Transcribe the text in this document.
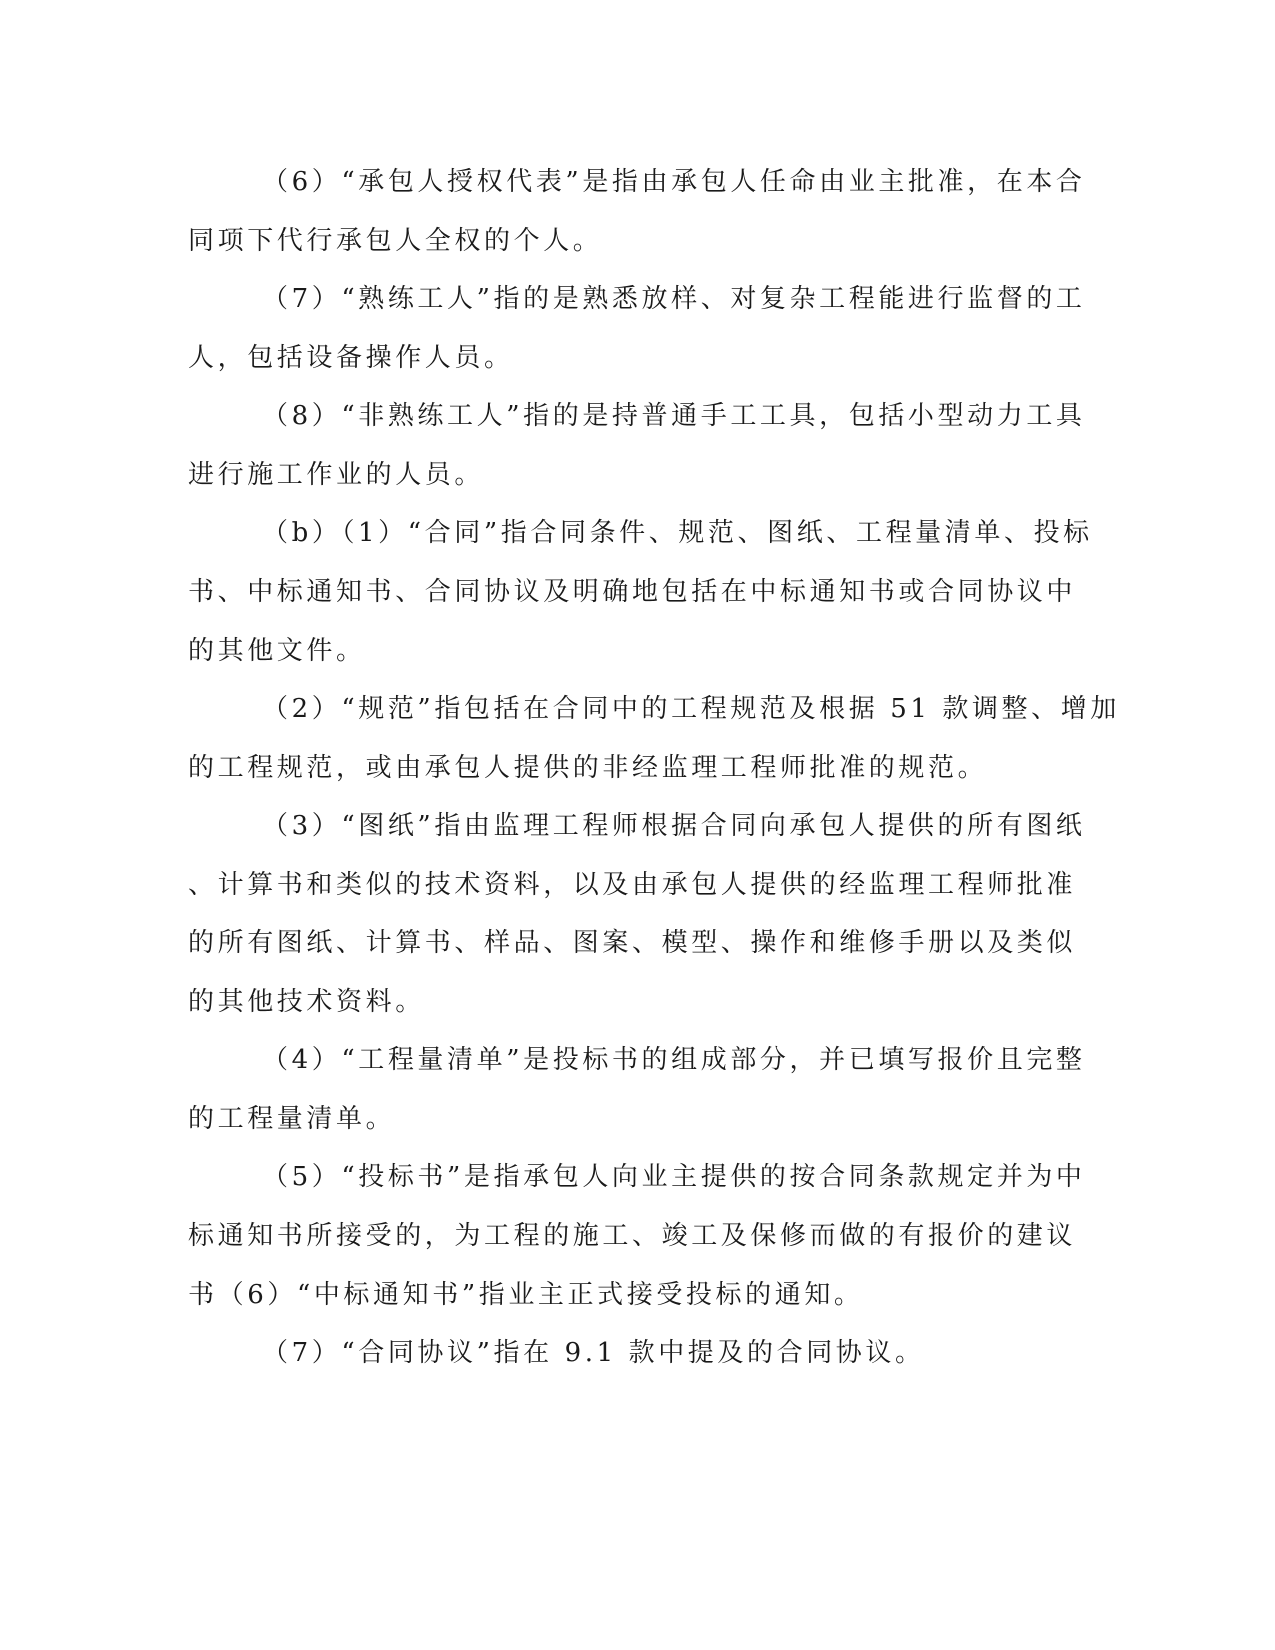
（6）“承包人授权代表”是指由承包人任命由业主批准，在本合
同项下代行承包人全权的个人。
（7）“熟练工人”指的是熟悉放样、对复杂工程能进行监督的工
人，包括设备操作人员。
（8）“非熟练工人”指的是持普通手工工具，包括小型动力工具
进行施工作业的人员。
（b）（1）“合同”指合同条件、规范、图纸、工程量清单、投标
书、中标通知书、合同协议及明确地包括在中标通知书或合同协议中
的其他文件。
（2）“规范”指包括在合同中的工程规范及根据 51 款调整、增加
的工程规范，或由承包人提供的非经监理工程师批准的规范。
（3）“图纸”指由监理工程师根据合同向承包人提供的所有图纸
、计算书和类似的技术资料，以及由承包人提供的经监理工程师批准
的所有图纸、计算书、样品、图案、模型、操作和维修手册以及类似
的其他技术资料。
（4）“工程量清单”是投标书的组成部分，并已填写报价且完整
的工程量清单。
（5）“投标书”是指承包人向业主提供的按合同条款规定并为中
标通知书所接受的，为工程的施工、竣工及保修而做的有报价的建议
书（6）“中标通知书”指业主正式接受投标的通知。
（7）“合同协议”指在 9.1 款中提及的合同协议。
